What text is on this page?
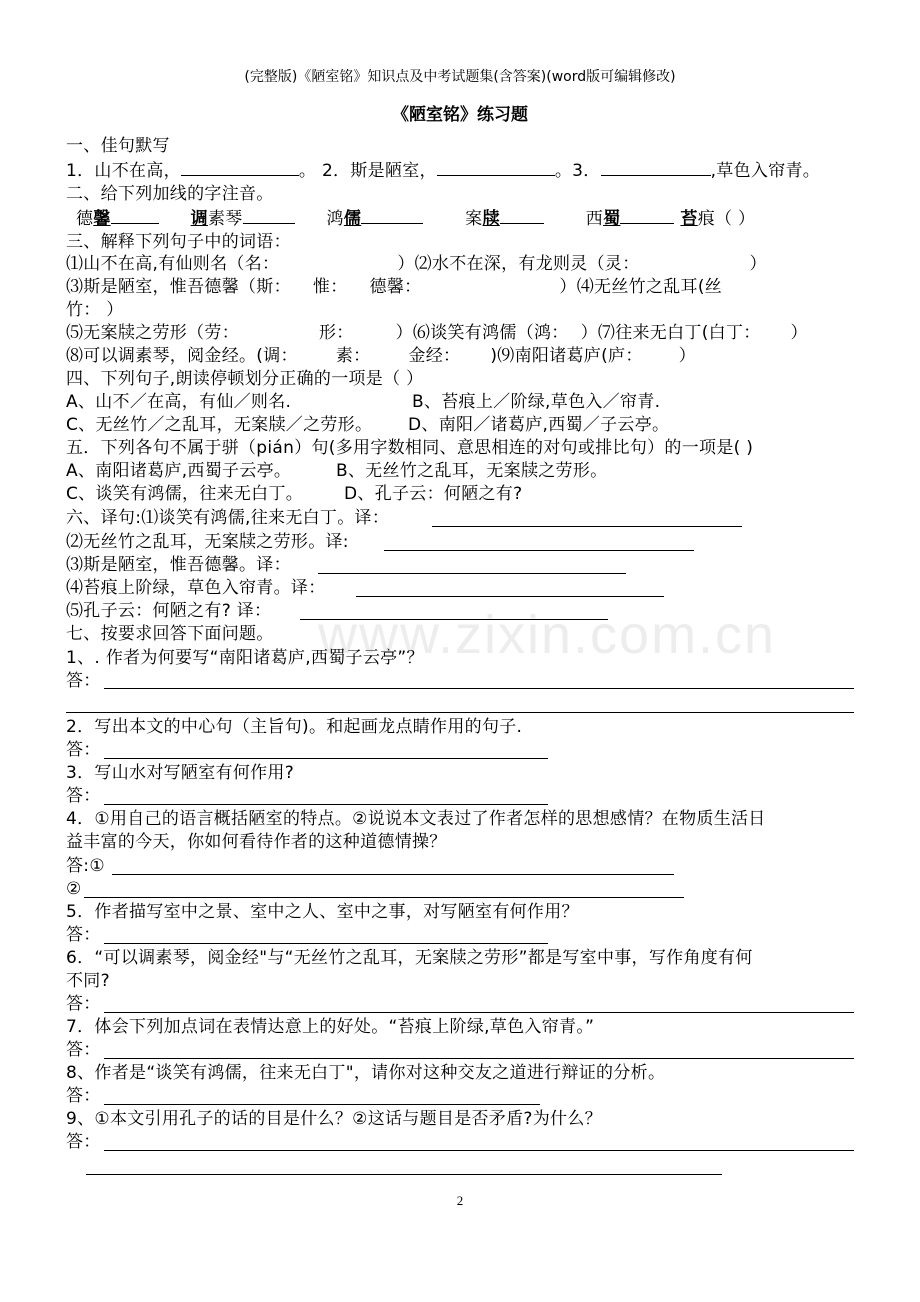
(完整版)《陋室铭》知识点及中考试题集(含答案)(word版可编辑修改)
《陋室铭》练习题
www.zixin.com.cn
一、佳句默写
1．山不在高，	。 2．斯是陋室，	。3．	,草色入帘青。
二、给下列加线的字注音。
德馨	调素琴	鸿儒	案牍	西蜀	苔痕（ ）
三、解释下列句子中的词语：
⑴山不在高,有仙则名（名：	）⑵水不在深，有龙则灵（灵：	）
⑶斯是陋室，惟吾德馨（斯： 惟： 德馨：	）⑷无丝竹之乱耳(丝
竹： ）
⑸无案牍之劳形（劳：	形： ）⑹谈笑有鸿儒（鸿： ）⑺往来无白丁(白丁： ）
⑻可以调素琴，阅金经。(调： 素： 金经： )⑼南阳诸葛庐(庐： ）
四、下列句子,朗读停顿划分正确的一项是（ ）
A、山不／在高，有仙／则名.	B、苔痕上／阶绿,草色入／帘青.
C、无丝竹／之乱耳，无案牍／之劳形。 D、南阳／诸葛庐,西蜀／子云亭。
五．下列各句不属于骈（pián）句(多用字数相同、意思相连的对句或排比句）的一项是( )
A、南阳诸葛庐,西蜀子云亭。	B、无丝竹之乱耳，无案牍之劳形。
C、谈笑有鸿儒，往来无白丁。 D、孔子云：何陋之有?
六、译句:⑴谈笑有鸿儒,往来无白丁。译：
⑵无丝竹之乱耳，无案牍之劳形。译:
⑶斯是陋室，惟吾德馨。译：
⑷苔痕上阶绿，草色入帘青。译：
⑸孔子云：何陋之有? 译：
七、按要求回答下面问题。
1、. 作者为何要写“南阳诸葛庐,西蜀子云亭”？
答：
2．写出本文的中心句（主旨句)。和起画龙点睛作用的句子.
答：
3．写山水对写陋室有何作用?
答：
4．①用自己的语言概括陋室的特点。②说说本文表过了作者怎样的思想感情？在物质生活日
益丰富的今天，你如何看待作者的这种道德情操？
答:①
②
5．作者描写室中之景、室中之人、室中之事，对写陋室有何作用？
答：
6．“可以调素琴，阅金经"与“无丝竹之乱耳，无案牍之劳形”都是写室中事，写作角度有何
不同?
答：
7．体会下列加点词在表情达意上的好处。“苔痕上阶绿,草色入帘青。”
答：
8、作者是“谈笑有鸿儒，往来无白丁"，请你对这种交友之道进行辩证的分析。
答：
9、①本文引用孔子的话的目是什么？②这话与题目是否矛盾?为什么？
答：
2
